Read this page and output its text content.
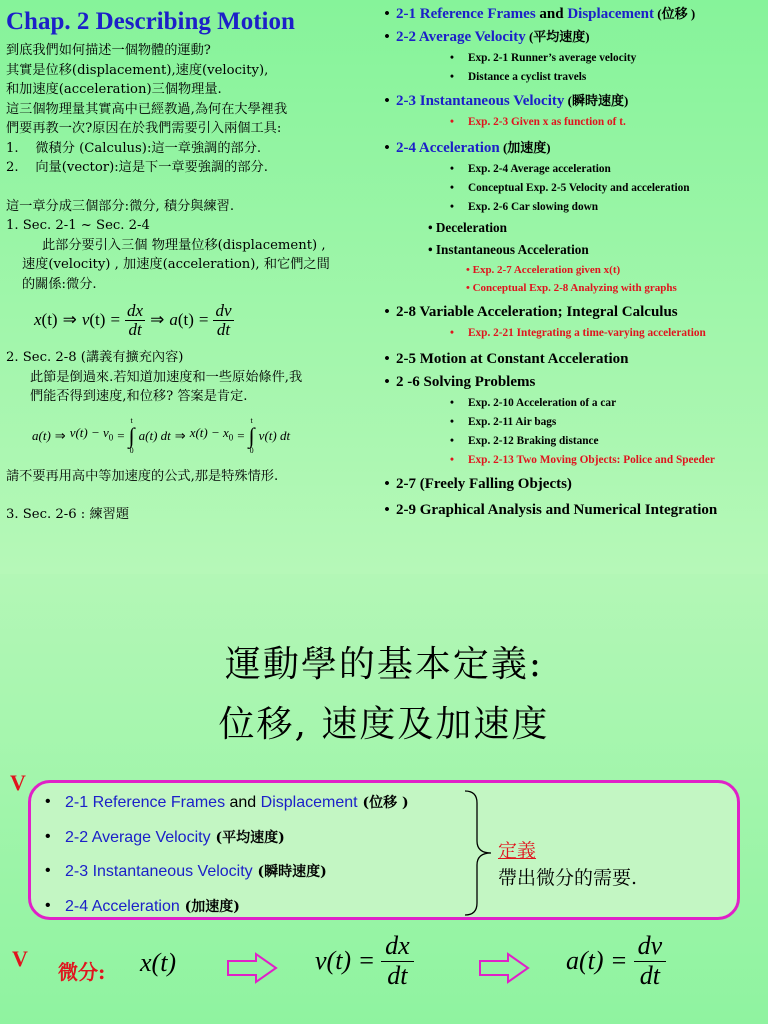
Chap. 2 Describing Motion
到底我們如何描述一個物體的運動?
其實是位移(displacement),速度(velocity),
和加速度(acceleration)三個物理量.
這三個物理量其實高中已經教過,為何在大學裡我
們要再教一次?原因在於我們需要引入兩個工具:
1. 微積分 (Calculus):這一章強調的部分.
2. 向量(vector):這是下一章要強調的部分.
這一章分成三個部分:微分, 積分與練習.
1. Sec. 2-1 ~ Sec. 2-4
此部分要引入三個 物理量位移(displacement) ,
速度(velocity) , 加速度(acceleration), 和它們之間
的關係:微分.
x(t) ⇒ $v(t) = \frac{dx}{dt}$ ⇒ $a(t) = \frac{dv}{dt}$
2. Sec. 2-8 (講義有擴充內容)
此節是倒過來.若知道加速度和一些原始條件,我
們能否得到速度,和位移? 答案是肯定.
a(t) ⇒ $v(t) - v_0$ =
t
∫
0
a(t) dt ⇒ $x(t) - x_0$ =
t
∫
0
v(t) dt
請不要再用高中等加速度的公式,那是特殊情形.
3. Sec. 2-6 : 練習題
• 2-1 Reference Frames and Displacement (位移 )
• 2-2 Average Velocity (平均速度)
•	Exp. 2-1 Runner’s average velocity
•	Distance a cyclist travels
• 2-3 Instantaneous Velocity (瞬時速度)
•	Exp. 2-3 Given x as function of t.
• 2-4 Acceleration (加速度)
•	Exp. 2-4 Average acceleration
•	Conceptual Exp. 2-5 Velocity and acceleration
•	Exp. 2-6 Car slowing down
• Deceleration
• Instantaneous Acceleration
• Exp. 2-7 Acceleration given x(t)
• Conceptual Exp. 2-8 Analyzing with graphs
• 2-8 Variable Acceleration; Integral Calculus
•	Exp. 2-21 Integrating a time-varying acceleration
• 2-5 Motion at Constant Acceleration
• 2 -6 Solving Problems
•	Exp. 2-10 Acceleration of a car
•	Exp. 2-11 Air bags
•	Exp. 2-12 Braking distance
•	Exp. 2-13 Two Moving Objects: Police and Speeder
• 2-7 (Freely Falling Objects)
• 2-9 Graphical Analysis and Numerical Integration
運動學的基本定義:
位移, 速度及加速度
V
• 2-1 Reference Frames and Displacement (位移 )
• 2-2 Average Velocity (平均速度)
• 2-3 Instantaneous Velocity (瞬時速度)
• 2-4 Acceleration (加速度)
定義
帶出微分的需要.
V
微分: x(t)	$v(t) = \frac{dx}{dt}$	$a(t) = \frac{dv}{dt}$
